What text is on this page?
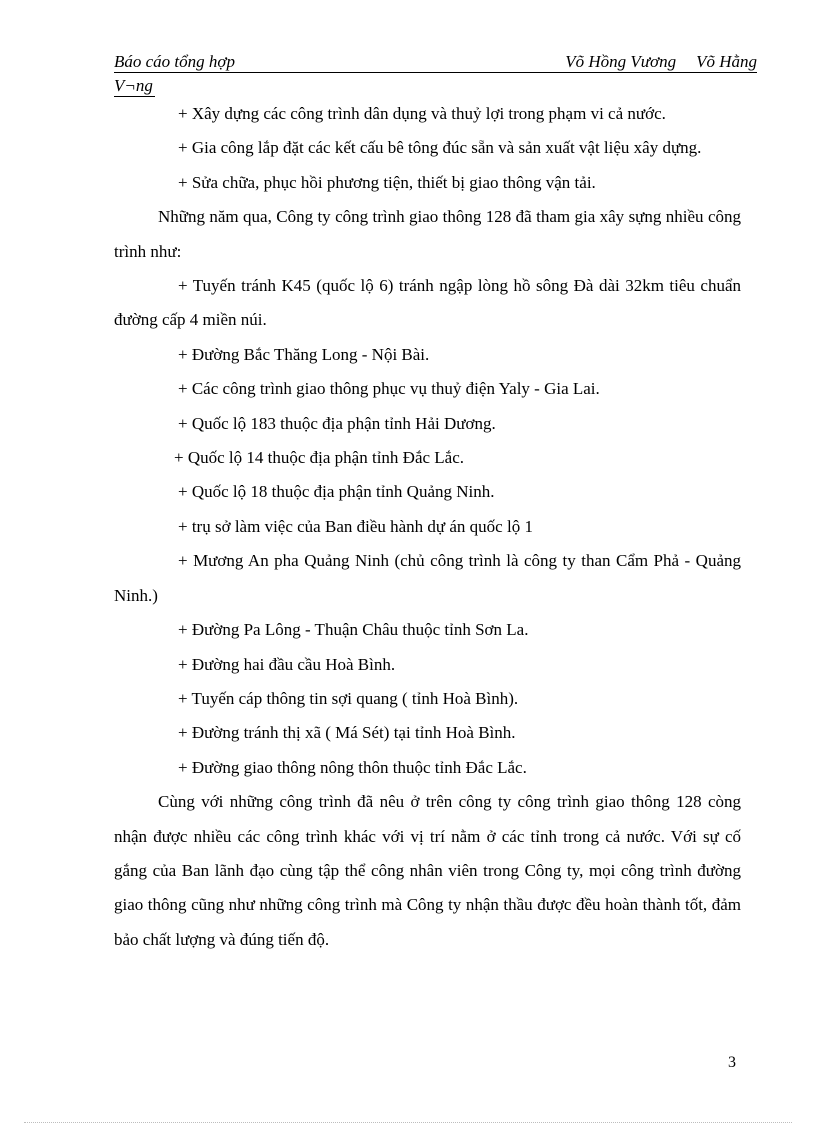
Báo cáo tổng hợp	Võ Hồng Vương Võ Hằng
V¬ng

+ Xây dựng các công trình dân dụng và thuỷ lợi trong phạm vi cả nước.

+ Gia công lắp đặt các kết cấu bê tông đúc sẵn và sản xuất vật liệu xây dựng.

+ Sửa chữa, phục hồi phương tiện, thiết bị giao thông vận tải.

Những năm qua, Công ty công trình giao thông 128 đã tham gia xây sựng nhiều công trình như:

+ Tuyến tránh K45 (quốc lộ 6) tránh ngập lòng hồ sông Đà dài 32km tiêu chuẩn đường cấp 4 miền núi.

+ Đường Bắc Thăng Long - Nội Bài.

+ Các công trình giao thông phục vụ thuỷ điện Yaly - Gia Lai.

+ Quốc lộ 183 thuộc địa phận tỉnh Hải Dương.

+ Quốc lộ 14 thuộc địa phận tỉnh Đắc Lắc.

+ Quốc lộ 18 thuộc địa phận tỉnh Quảng Ninh.

+ trụ sở làm việc của Ban điều hành dự án quốc lộ 1

+ Mương An pha Quảng Ninh (chủ công trình là công ty than Cẩm Phả - Quảng Ninh.)

+ Đường Pa Lông - Thuận Châu thuộc tỉnh Sơn La.

+ Đường hai đầu cầu Hoà Bình.

+ Tuyến cáp thông tin sợi quang ( tỉnh Hoà Bình).

+ Đường tránh thị xã ( Má Sét) tại tỉnh Hoà Bình.

+ Đường giao thông nông thôn thuộc tỉnh Đắc Lắc.

Cùng với những công trình đã nêu ở trên công ty công trình giao thông 128 còng nhận được nhiều các công trình khác với vị trí nằm ở các tỉnh trong cả nước. Với sự cố gắng của Ban lãnh đạo cùng tập thể công nhân viên trong Công ty, mọi công trình đường giao thông cũng như những công trình mà Công ty nhận thầu được đều hoàn thành tốt, đảm bảo chất lượng và đúng tiến độ.

3
